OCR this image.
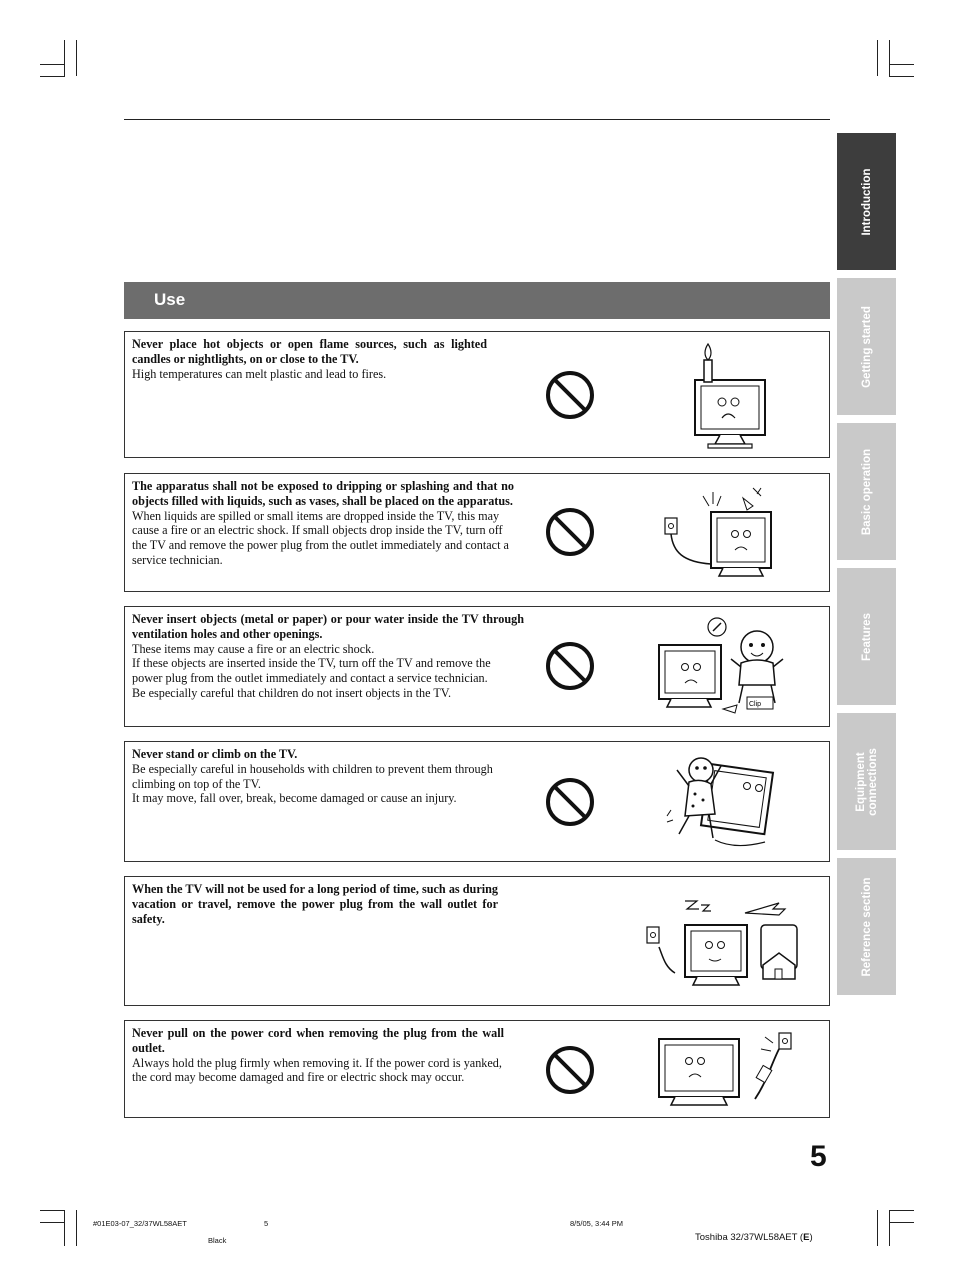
Use
Never place hot objects or open flame sources, such as lighted candles or nightlights, on or close to the TV.
High temperatures can melt plastic and lead to fires.
The apparatus shall not be exposed to dripping or splashing and that no objects filled with liquids, such as vases, shall be placed on the apparatus.
When liquids are spilled or small items are dropped inside the TV, this may cause a fire or an electric shock. If small objects drop inside the TV, turn off the TV and remove the power plug from the outlet immediately and contact a service technician.
Never insert objects (metal or paper) or pour water inside the TV through ventilation holes and other openings.
These items may cause a fire or an electric shock.
If these objects are inserted inside the TV, turn off the TV and remove the power plug from the outlet immediately and contact a service technician.
Be especially careful that children do not insert objects in the TV.
Clip
Never stand or climb on the TV.
Be especially careful in households with children to prevent them through climbing on top of the TV.
It may move, fall over, break, become damaged or cause an injury.
When the TV will not be used for a long period of time, such as during vacation or travel, remove the power plug from the wall outlet for safety.
Never pull on the power cord when removing the plug from the wall outlet.
Always hold the plug firmly when removing it. If the power cord is yanked, the cord may become damaged and fire or electric shock may occur.
Introduction
Getting started
Basic operation
Features
Equipment
connections
Reference section
5
#01E03-07_32/37WL58AET	5	8/5/05, 3:44 PM
Black	Toshiba 32/37WL58AET (E)
